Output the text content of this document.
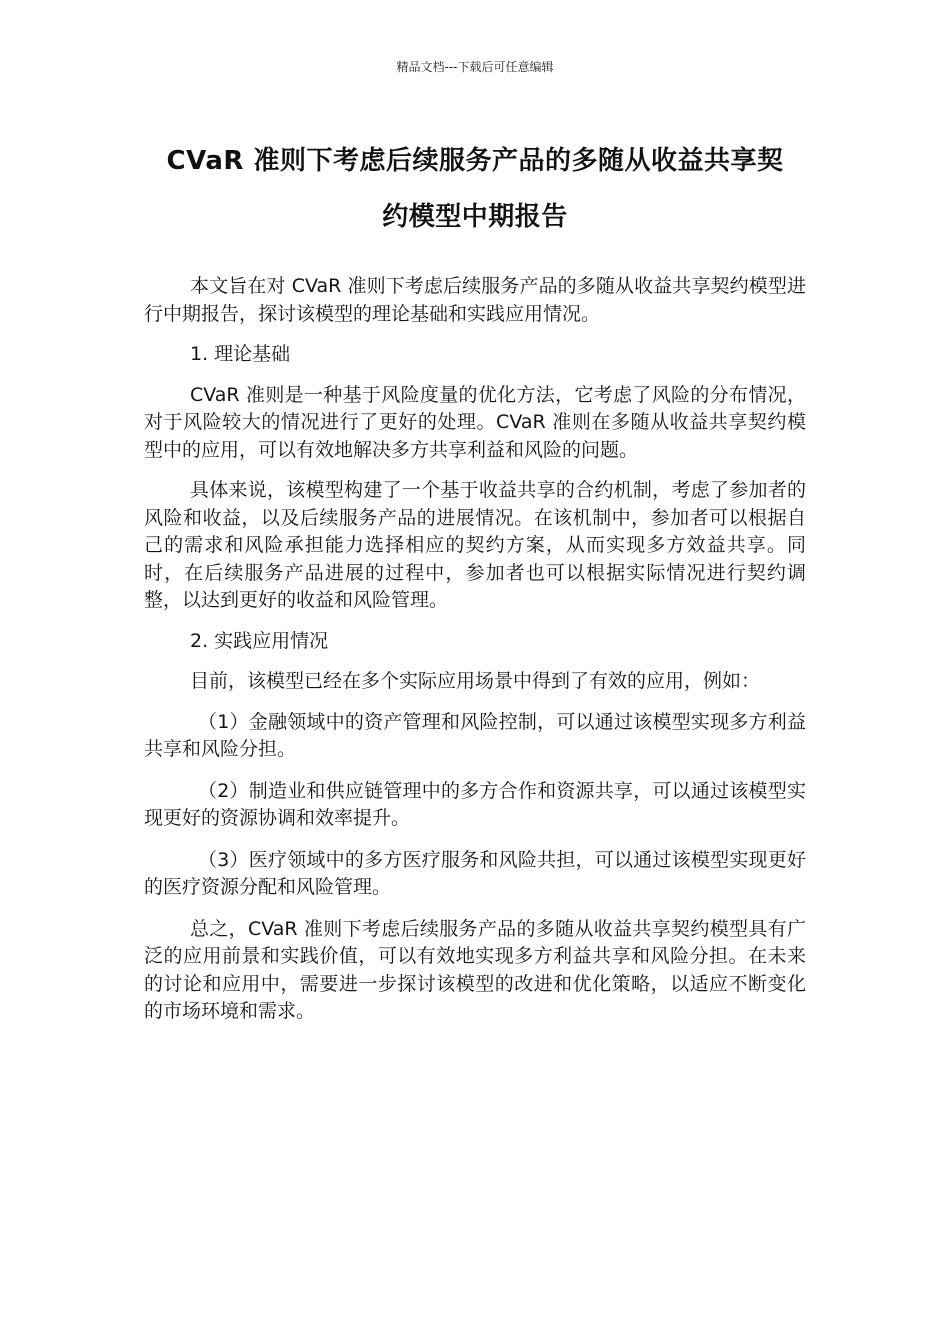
精品文档---下载后可任意编辑
CVaR 准则下考虑后续服务产品的多随从收益共享契
约模型中期报告

本文旨在对 CVaR 准则下考虑后续服务产品的多随从收益共享契约模型进行中期报告，探讨该模型的理论基础和实践应用情况。

1. 理论基础

CVaR 准则是一种基于风险度量的优化方法，它考虑了风险的分布情况，对于风险较大的情况进行了更好的处理。CVaR 准则在多随从收益共享契约模型中的应用，可以有效地解决多方共享利益和风险的问题。

具体来说，该模型构建了一个基于收益共享的合约机制，考虑了参加者的风险和收益，以及后续服务产品的进展情况。在该机制中，参加者可以根据自己的需求和风险承担能力选择相应的契约方案，从而实现多方效益共享。同时，在后续服务产品进展的过程中，参加者也可以根据实际情况进行契约调整，以达到更好的收益和风险管理。

2. 实践应用情况

目前，该模型已经在多个实际应用场景中得到了有效的应用，例如：

（1）金融领域中的资产管理和风险控制，可以通过该模型实现多方利益共享和风险分担。

（2）制造业和供应链管理中的多方合作和资源共享，可以通过该模型实现更好的资源协调和效率提升。

（3）医疗领域中的多方医疗服务和风险共担，可以通过该模型实现更好的医疗资源分配和风险管理。

总之，CVaR 准则下考虑后续服务产品的多随从收益共享契约模型具有广泛的应用前景和实践价值，可以有效地实现多方利益共享和风险分担。在未来的讨论和应用中，需要进一步探讨该模型的改进和优化策略，以适应不断变化的市场环境和需求。
